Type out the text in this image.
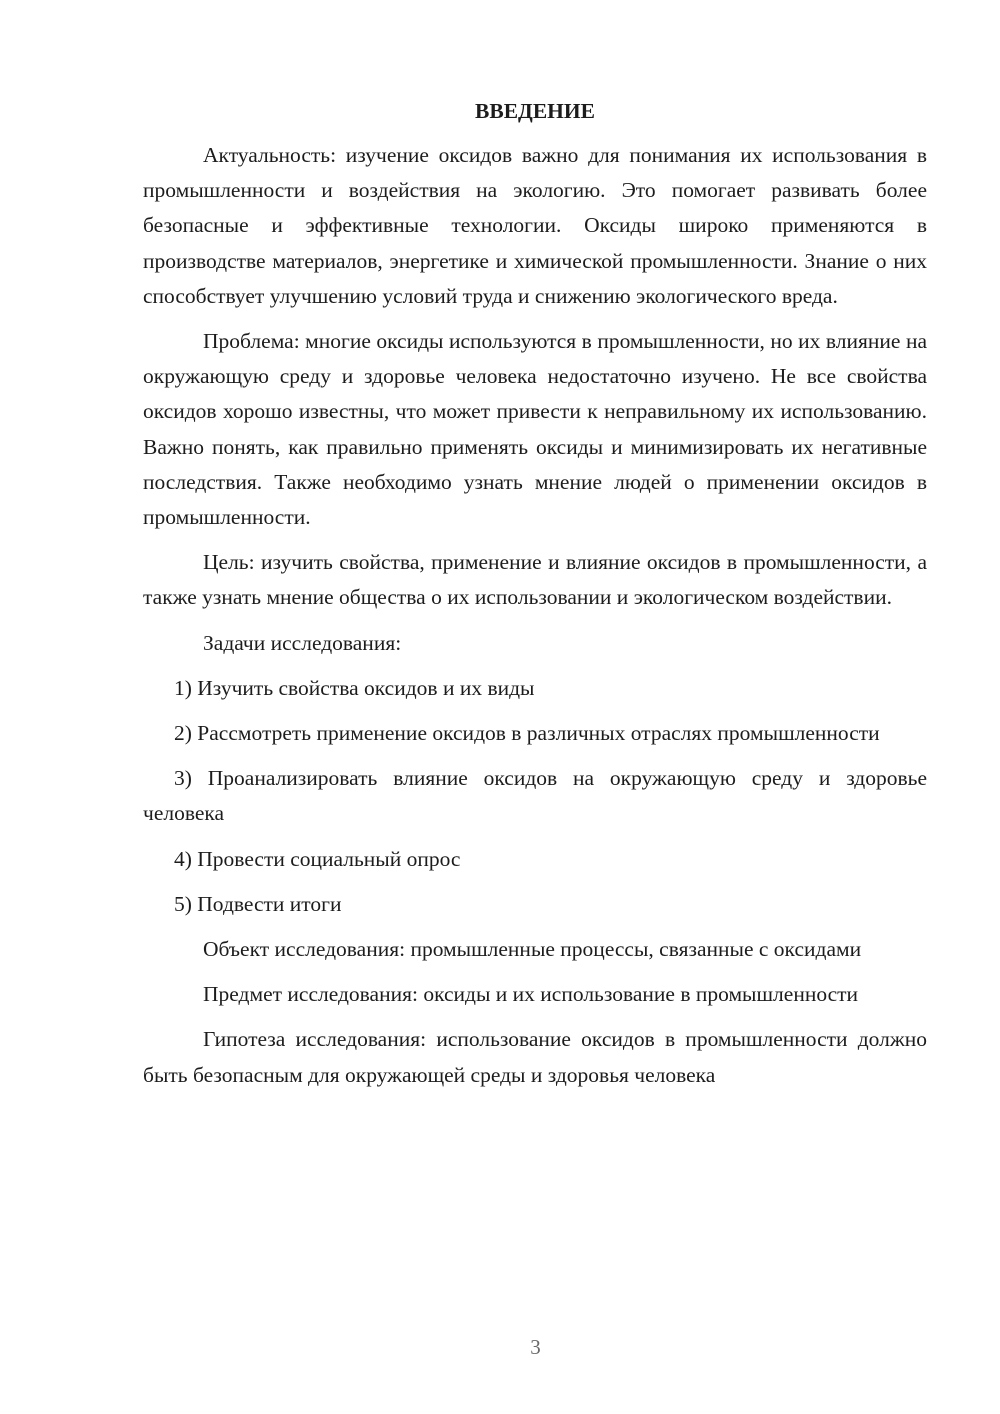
ВВЕДЕНИЕ
Актуальность: изучение оксидов важно для понимания их использования в промышленности и воздействия на экологию. Это помогает развивать более безопасные и эффективные технологии. Оксиды широко применяются в производстве материалов, энергетике и химической промышленности. Знание о них способствует улучшению условий труда и снижению экологического вреда.
Проблема: многие оксиды используются в промышленности, но их влияние на окружающую среду и здоровье человека недостаточно изучено. Не все свойства оксидов хорошо известны, что может привести к неправильному их использованию. Важно понять, как правильно применять оксиды и минимизировать их негативные последствия. Также необходимо узнать мнение людей о применении оксидов в промышленности.
Цель: изучить свойства, применение и влияние оксидов в промышленности, а также узнать мнение общества о их использовании и экологическом воздействии.
Задачи исследования:
1) Изучить свойства оксидов и их виды
2) Рассмотреть применение оксидов в различных отраслях промышленности
3) Проанализировать влияние оксидов на окружающую среду и здоровье человека
4) Провести социальный опрос
5) Подвести итоги
Объект исследования: промышленные процессы, связанные с оксидами
Предмет исследования: оксиды и их использование в промышленности
Гипотеза исследования: использование оксидов в промышленности должно быть безопасным для окружающей среды и здоровья человека
3
